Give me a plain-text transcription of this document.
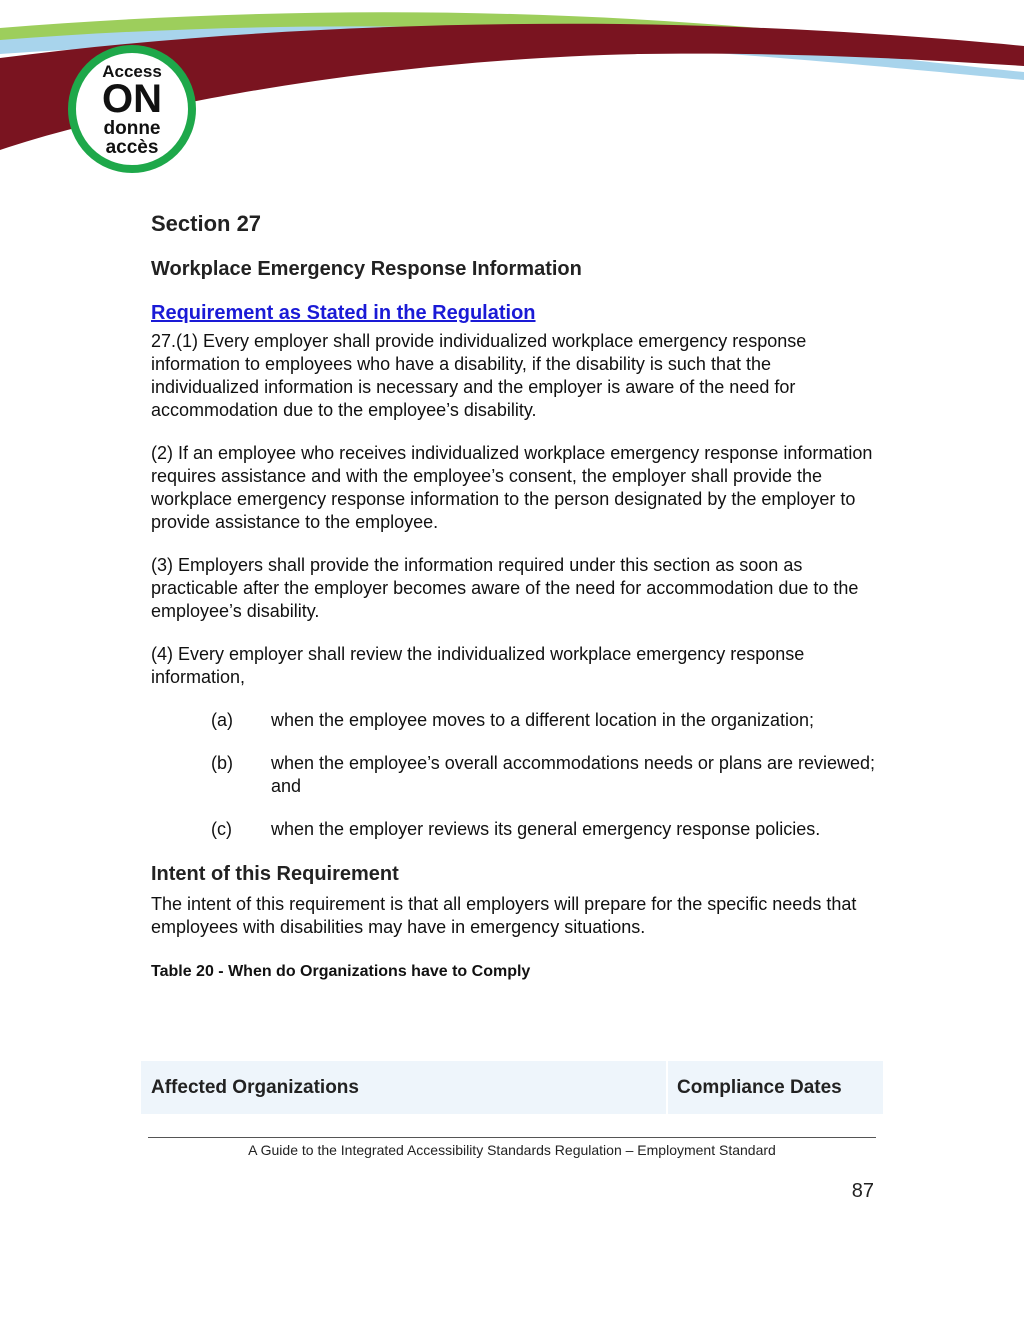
Access
ON
donne
accès
Section 27
Workplace Emergency Response Information
Requirement as Stated in the Regulation

27.(1) Every employer shall provide individualized workplace emergency response information to employees who have a disability, if the disability is such that the individualized information is necessary and the employer is aware of the need for accommodation due to the employee’s disability.

(2) If an employee who receives individualized workplace emergency response information requires assistance and with the employee’s consent, the employer shall provide the workplace emergency response information to the person designated by the employer to provide assistance to the employee.

(3) Employers shall provide the information required under this section as soon as practicable after the employer becomes aware of the need for accommodation due to the employee’s disability.

(4) Every employer shall review the individualized workplace emergency response information,

(a)	when the employee moves to a different location in the organization;
(b)	when the employee’s overall accommodations needs or plans are reviewed; and
(c)	when the employer reviews its general emergency response policies.
Intent of this Requirement

The intent of this requirement is that all employers will prepare for the specific needs that employees with disabilities may have in emergency situations.

Table 20 - When do Organizations have to Comply
Affected Organizations	Compliance Dates
A Guide to the Integrated Accessibility Standards Regulation – Employment Standard
87
